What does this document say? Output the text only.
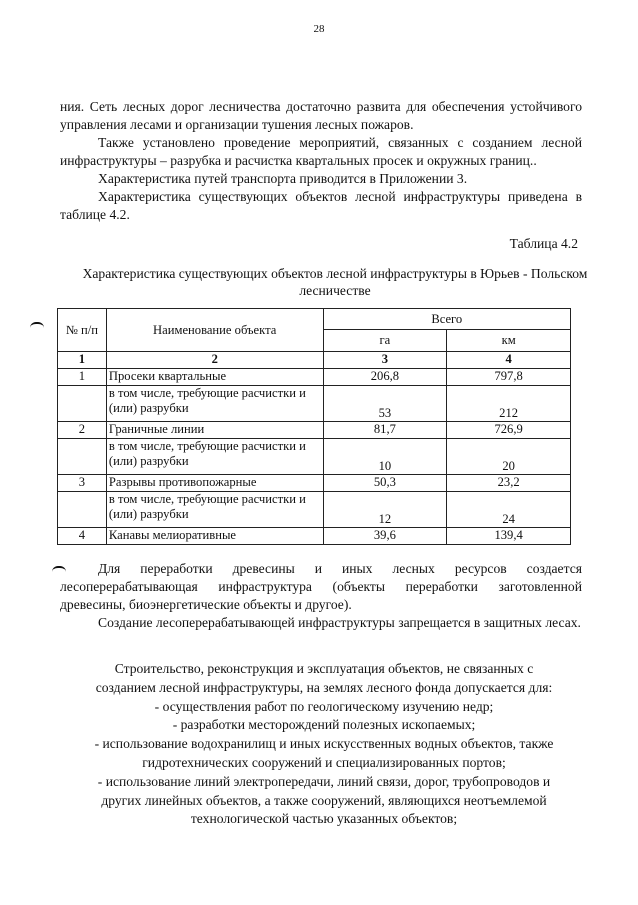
28
ния. Сеть лесных дорог лесничества достаточно развита для обеспечения устойчивого управления лесами и организации тушения лесных пожаров.
Также установлено проведение мероприятий, связанных с созданием лесной инфраструктуры – разрубка и расчистка квартальных просек и окружных границ..
Характеристика путей транспорта приводится в Приложении 3.
Характеристика существующих объектов лесной инфраструктуры приведена в таблице 4.2.
Таблица 4.2
Характеристика существующих объектов лесной инфраструктуры в Юрьев - Польском лесничестве
№ п/п	Наименование объекта	Всего	
		га	км
1	2	3	4
1	Просеки квартальные	206,8	797,8
	в том числе, требующие расчистки и (или) разрубки	53	212
2	Граничные линии	81,7	726,9
	в том числе, требующие расчистки и (или) разрубки	10	20
3	Разрывы противопожарные	50,3	23,2
	в том числе, требующие расчистки и (или) разрубки	12	24
4	Канавы мелиоративные	39,6	139,4
Для переработки древесины и иных лесных ресурсов создается лесоперерабатывающая инфраструктура (объекты переработки заготовленной древесины, биоэнергетические объекты и другое).
Создание лесоперерабатывающей инфраструктуры запрещается в защитных лесах.
Строительство, реконструкция и эксплуатация объектов, не связанных с
созданием лесной инфраструктуры, на землях лесного фонда допускается для:
- осуществления работ по геологическому изучению недр;
- разработки месторождений полезных ископаемых;
- использование водохранилищ и иных искусственных водных объектов, также
гидротехнических сооружений и специализированных портов;
- использование линий электропередачи, линий связи, дорог, трубопроводов и
других линейных объектов, а также сооружений, являющихся неотъемлемой
технологической частью указанных объектов;
